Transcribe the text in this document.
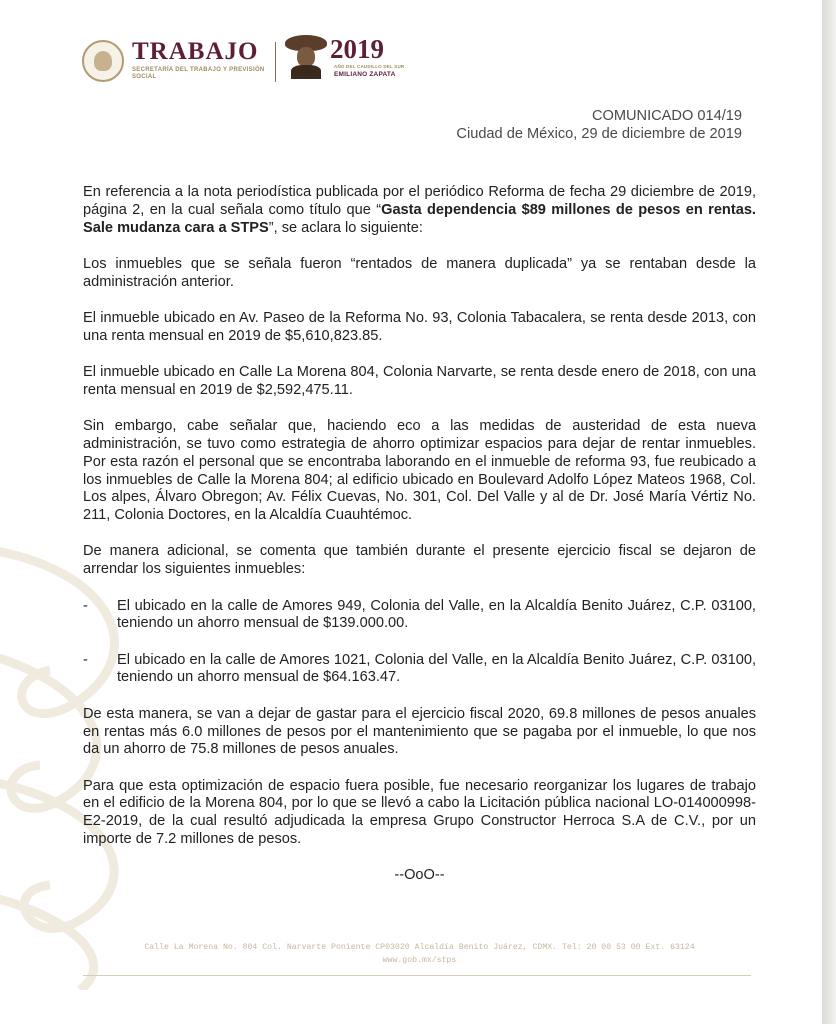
TRABAJO
SECRETARÍA DEL TRABAJO Y PREVISIÓN SOCIAL
2019
AÑO DEL CAUDILLO DEL SUR
EMILIANO ZAPATA
COMUNICADO 014/19
Ciudad de México, 29 de diciembre de 2019

En referencia a la nota periodística publicada por el periódico Reforma de fecha 29 diciembre de 2019, página 2, en la cual señala como título que “Gasta dependencia $89 millones de pesos en rentas. Sale mudanza cara a STPS”, se aclara lo siguiente:

Los inmuebles que se señala fueron “rentados de manera duplicada” ya se rentaban desde la administración anterior.

El inmueble ubicado en Av. Paseo de la Reforma No. 93, Colonia Tabacalera, se renta desde 2013, con una renta mensual en 2019 de $5,610,823.85.

El inmueble ubicado en Calle La Morena 804, Colonia Narvarte, se renta desde enero de 2018, con una renta mensual en 2019 de $2,592,475.11.

Sin embargo, cabe señalar que, haciendo eco a las medidas de austeridad de esta nueva administración, se tuvo como estrategia de ahorro optimizar espacios para dejar de rentar inmuebles. Por esta razón el personal que se encontraba laborando en el inmueble de reforma 93, fue reubicado a los inmuebles de Calle la Morena 804; al edificio ubicado en Boulevard Adolfo López Mateos 1968, Col. Los alpes, Álvaro Obregon; Av. Félix Cuevas, No. 301, Col. Del Valle y al de Dr. José María Vértiz No. 211, Colonia Doctores, en la Alcaldía Cuauhtémoc.

De manera adicional, se comenta que también durante el presente ejercicio fiscal se dejaron de arrendar los siguientes inmuebles:

-	El ubicado en la calle de Amores 949, Colonia del Valle, en la Alcaldía Benito Juárez, C.P. 03100, teniendo un ahorro mensual de $139.000.00.
-	El ubicado en la calle de Amores 1021, Colonia del Valle, en la Alcaldía Benito Juárez, C.P. 03100, teniendo un ahorro mensual de $64.163.47.

De esta manera, se van a dejar de gastar para el ejercicio fiscal 2020, 69.8 millones de pesos anuales en rentas más 6.0 millones de pesos por el mantenimiento que se pagaba por el inmueble, lo que nos da un ahorro de 75.8 millones de pesos anuales.

Para que esta optimización de espacio fuera posible, fue necesario reorganizar los lugares de trabajo en el edificio de la Morena 804, por lo que se llevó a cabo la Licitación pública nacional LO-014000998-E2-2019, de la cual resultó adjudicada la empresa Grupo Constructor Herroca S.A de C.V., por un importe de 7.2 millones de pesos.

--OoO--

Calle La Morena No. 804 Col. Narvarte Poniente CP03020 Alcaldía Benito Juárez, CDMX. Tel: 20 00 53 00 Ext. 63124
www.gob.mx/stps
